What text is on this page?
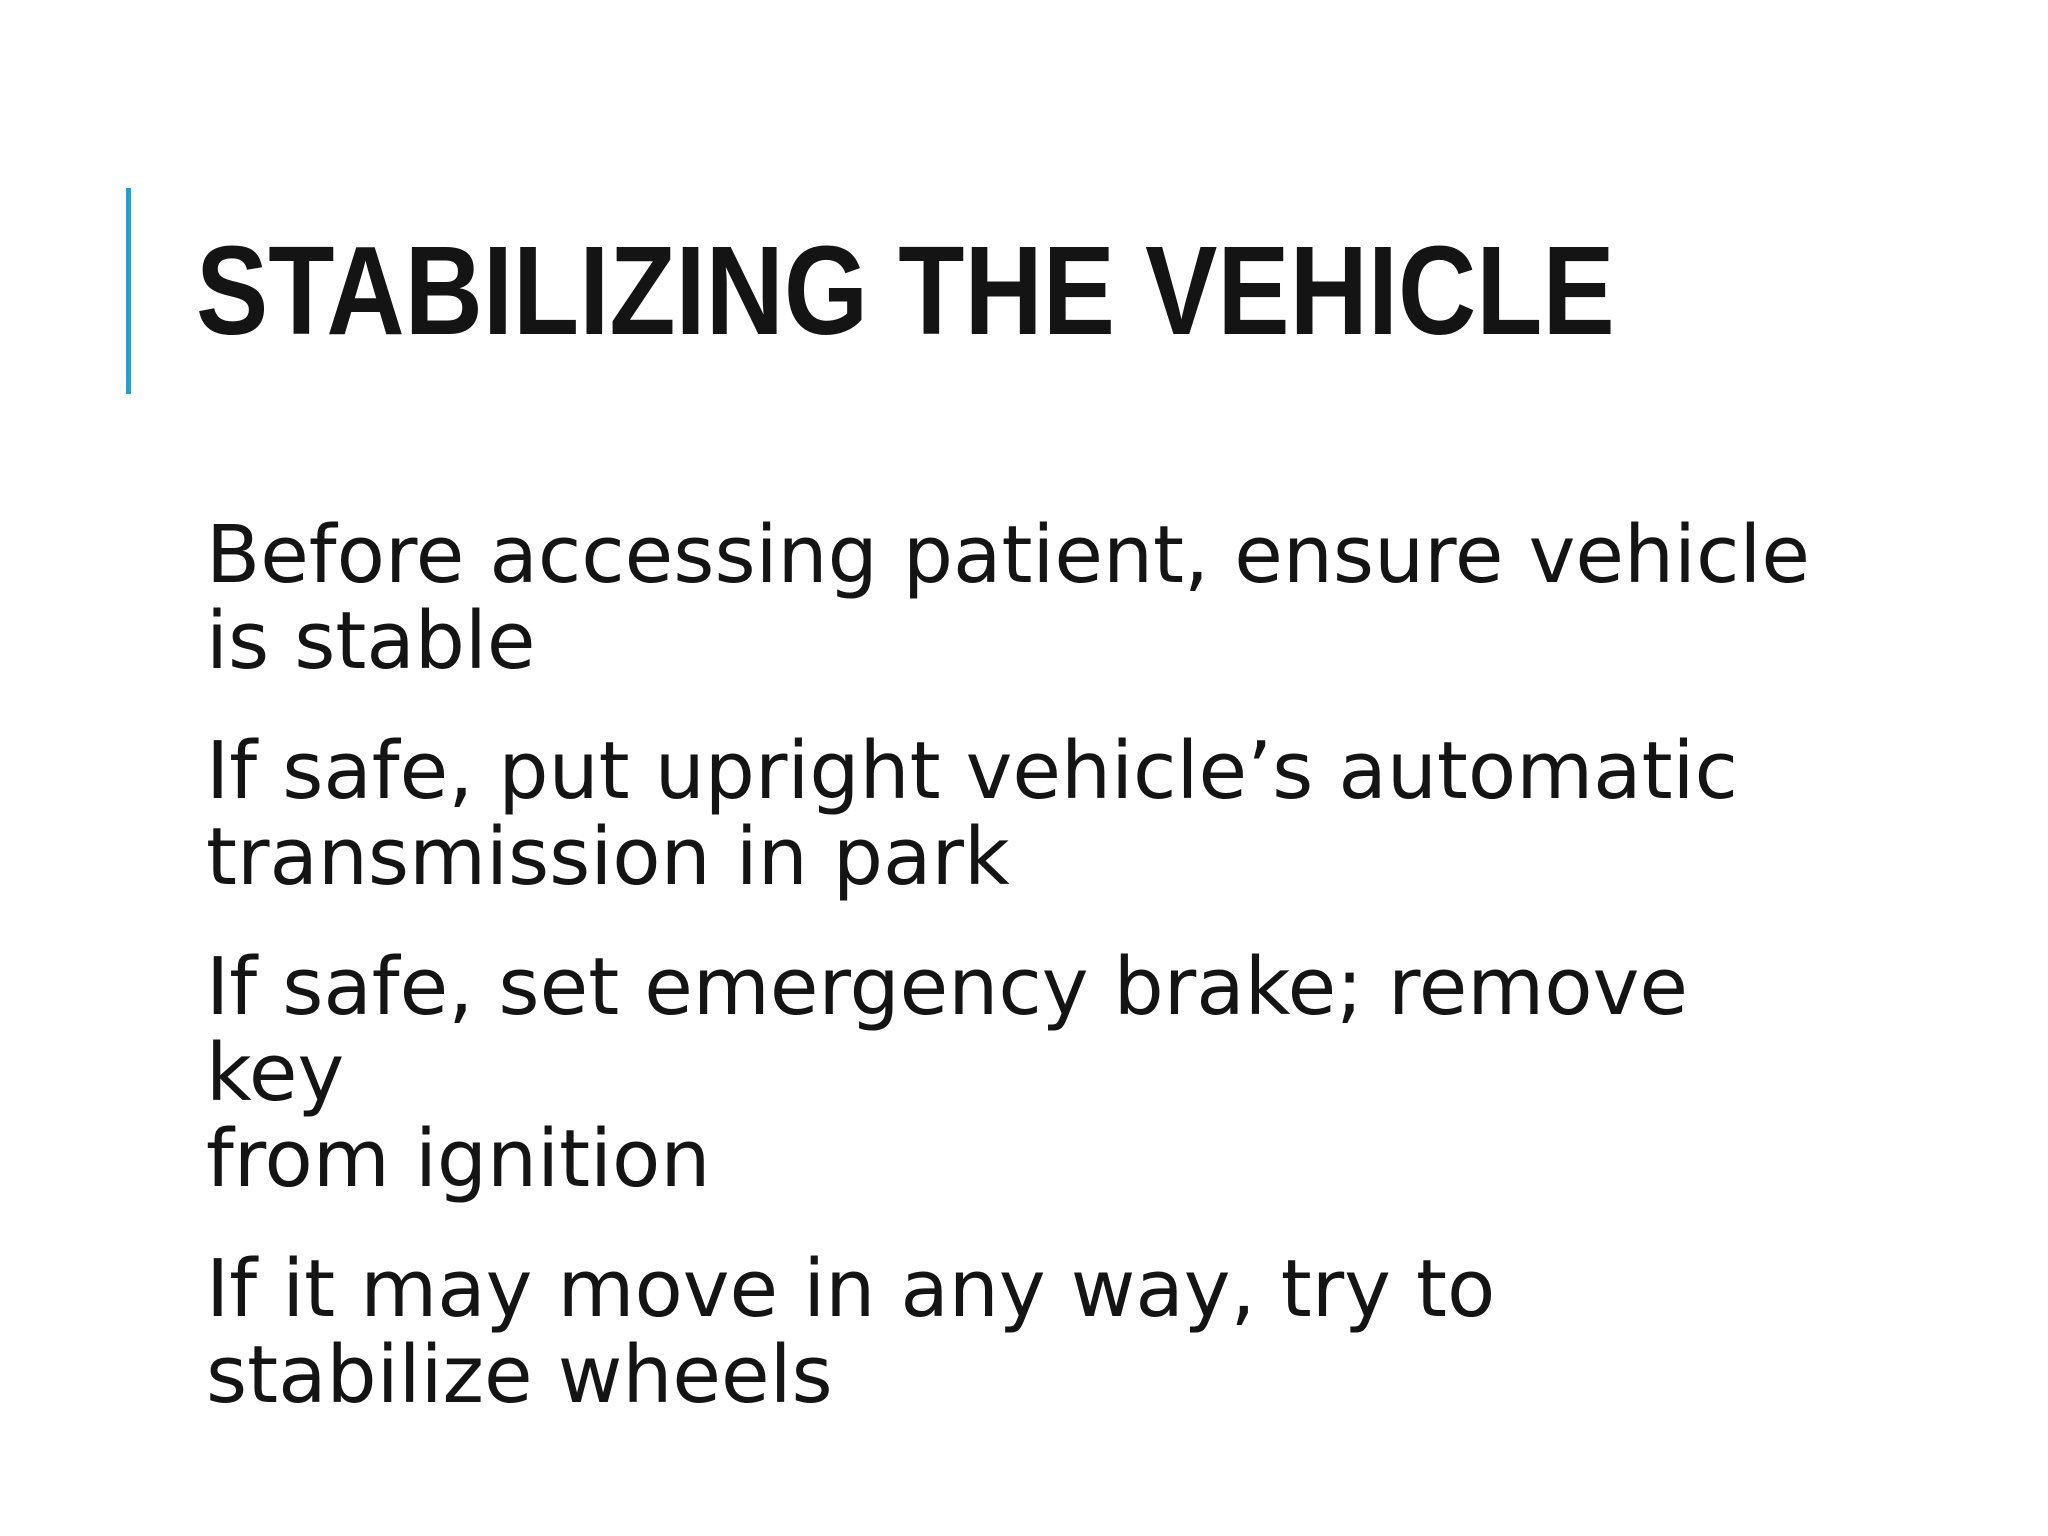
STABILIZING THE VEHICLE
Before accessing patient, ensure vehicle
is stable
If safe, put upright vehicle’s automatic
transmission in park
If safe, set emergency brake; remove key
from ignition
If it may move in any way, try to
stabilize wheels
